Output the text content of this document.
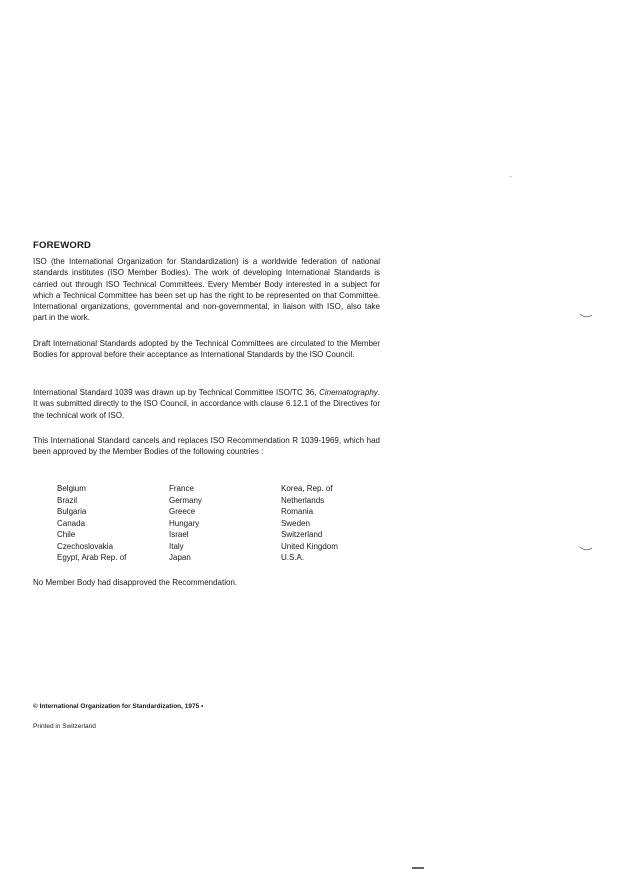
FOREWORD

ISO (the International Organization for Standardization) is a worldwide federation of national standards institutes (ISO Member Bodies). The work of developing International Standards is carried out through ISO Technical Committees. Every Member Body interested in a subject for which a Technical Committee has been set up has the right to be represented on that Committee. International organizations, governmental and non-governmental, in liaison with ISO, also take part in the work.

Draft International Standards adopted by the Technical Committees are circulated to the Member Bodies for approval before their acceptance as International Standards by the ISO Council.

International Standard 1039 was drawn up by Technical Committee ISO/TC 36, Cinematography. It was submitted directly to the ISO Council, in accordance with clause 6.12.1 of the Directives for the technical work of ISO.

This International Standard cancels and replaces ISO Recommendation R 1039-1969, which had been approved by the Member Bodies of the following countries :

Belgium	France	Korea, Rep. of
Brazil	Germany	Netherlands
Bulgaria	Greece	Romania
Canada	Hungary	Sweden
Chile	Israel	Switzerland
Czechoslovakia	Italy	United Kingdom
Egypt, Arab Rep. of	Japan	U.S.A.
No Member Body had disapproved the Recommendation.
© International Organization for Standardization, 1975 •
Printed in Switzerland
